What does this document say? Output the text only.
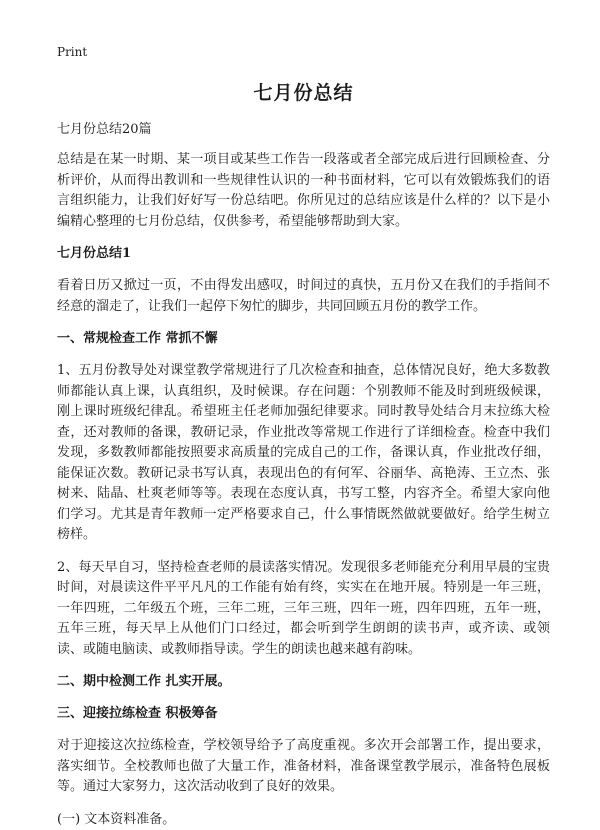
Print
七月份总结
七月份总结20篇
总结是在某一时期、某一项目或某些工作告一段落或者全部完成后进行回顾检查、分析评价，从而得出教训和一些规律性认识的一种书面材料，它可以有效锻炼我们的语言组织能力，让我们好好写一份总结吧。你所见过的总结应该是什么样的？以下是小编精心整理的七月份总结，仅供参考，希望能够帮助到大家。
七月份总结1
看着日历又掀过一页，不由得发出感叹，时间过的真快，五月份又在我们的手指间不经意的溜走了，让我们一起停下匆忙的脚步，共同回顾五月份的教学工作。
一、常规检查工作 常抓不懈
1、五月份教导处对课堂教学常规进行了几次检查和抽查，总体情况良好，绝大多数教师都能认真上课，认真组织，及时候课。存在问题：个别教师不能及时到班级候课，刚上课时班级纪律乱。希望班主任老师加强纪律要求。同时教导处结合月末拉练大检查，还对教师的备课，教研记录，作业批改等常规工作进行了详细检查。检查中我们发现，多数教师都能按照要求高质量的完成自己的工作，备课认真，作业批改仔细，能保证次数。教研记录书写认真，表现出色的有何军、谷丽华、高艳涛、王立杰、张树来、陆晶、杜爽老师等等。表现在态度认真，书写工整，内容齐全。希望大家向他们学习。尤其是青年教师一定严格要求自己，什么事情既然做就要做好。给学生树立榜样。
2、每天早自习，坚持检查老师的晨读落实情况。发现很多老师能充分利用早晨的宝贵时间，对晨读这件平平凡凡的工作能有始有终，实实在在地开展。特别是一年三班，一年四班，二年级五个班，三年二班，三年三班，四年一班，四年四班，五年一班，五年三班，每天早上从他们门口经过，都会听到学生朗朗的读书声，或齐读、或领读、或随电脑读、或教师指导读。学生的朗读也越来越有韵味。
二、期中检测工作 扎实开展。
三、迎接拉练检查 积极筹备
对于迎接这次拉练检查，学校领导给予了高度重视。多次开会部署工作，提出要求，落实细节。全校教师也做了大量工作，准备材料，准备课堂教学展示，准备特色展板等。通过大家努力，这次活动收到了良好的效果。
(一) 文本资料准备。
